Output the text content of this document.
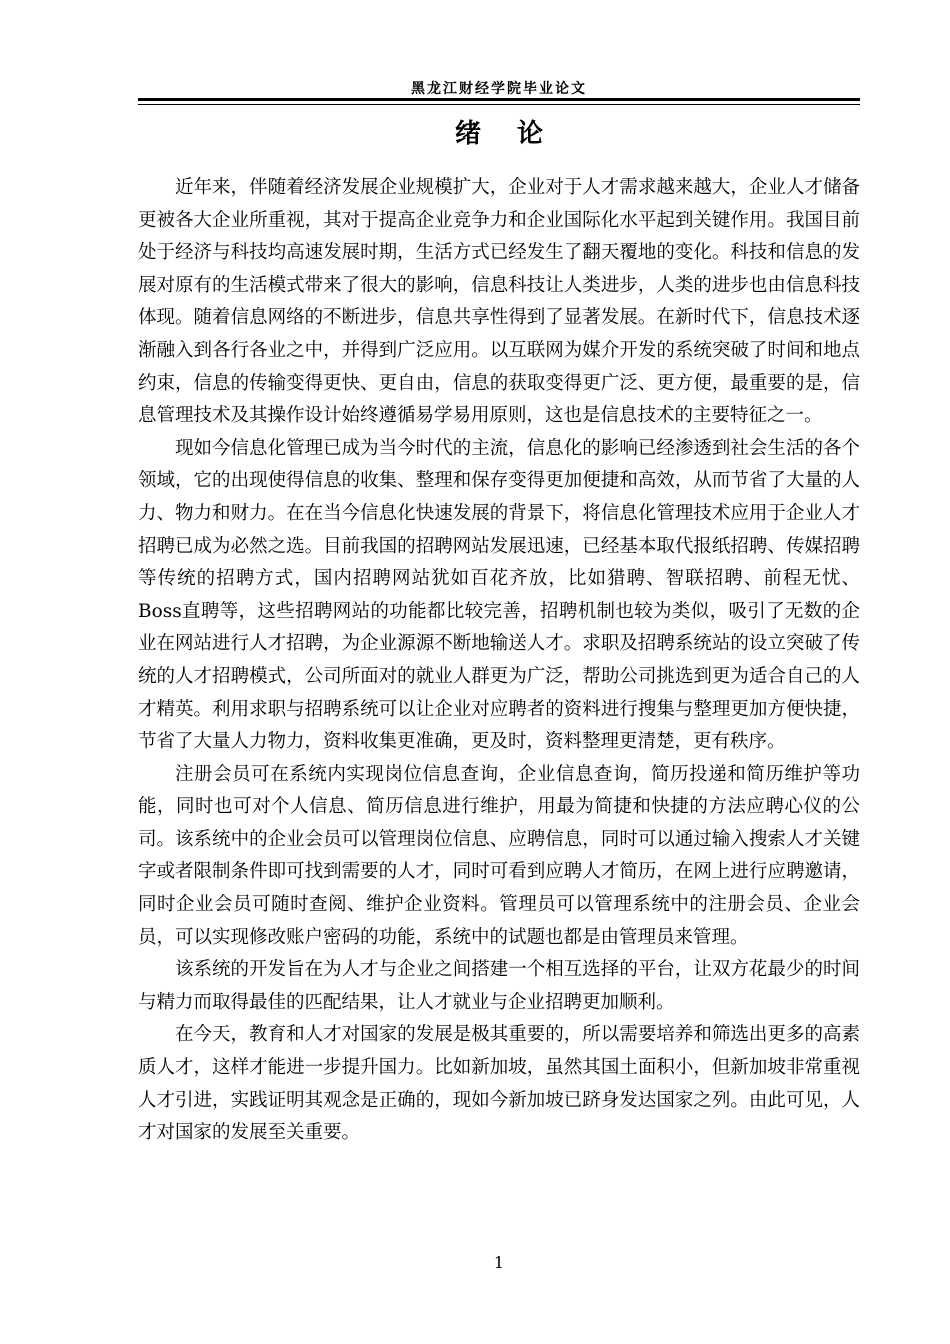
黑龙江财经学院毕业论文
绪论

近年来，伴随着经济发展企业规模扩大，企业对于人才需求越来越大，企业人才储备更被各大企业所重视，其对于提高企业竞争力和企业国际化水平起到关键作用。我国目前处于经济与科技均高速发展时期，生活方式已经发生了翻天覆地的变化。科技和信息的发展对原有的生活模式带来了很大的影响，信息科技让人类进步，人类的进步也由信息科技体现。随着信息网络的不断进步，信息共享性得到了显著发展。在新时代下，信息技术逐渐融入到各行各业之中，并得到广泛应用。以互联网为媒介开发的系统突破了时间和地点约束，信息的传输变得更快、更自由，信息的获取变得更广泛、更方便，最重要的是，信息管理技术及其操作设计始终遵循易学易用原则，这也是信息技术的主要特征之一。

现如今信息化管理已成为当今时代的主流，信息化的影响已经渗透到社会生活的各个领域，它的出现使得信息的收集、整理和保存变得更加便捷和高效，从而节省了大量的人力、物力和财力。在在当今信息化快速发展的背景下，将信息化管理技术应用于企业人才招聘已成为必然之选。目前我国的招聘网站发展迅速，已经基本取代报纸招聘、传媒招聘等传统的招聘方式，国内招聘网站犹如百花齐放，比如猎聘、智联招聘、前程无忧、Boss直聘等，这些招聘网站的功能都比较完善，招聘机制也较为类似，吸引了无数的企业在网站进行人才招聘，为企业源源不断地输送人才。求职及招聘系统站的设立突破了传统的人才招聘模式，公司所面对的就业人群更为广泛，帮助公司挑选到更为适合自己的人才精英。利用求职与招聘系统可以让企业对应聘者的资料进行搜集与整理更加方便快捷，节省了大量人力物力，资料收集更准确，更及时，资料整理更清楚，更有秩序。

注册会员可在系统内实现岗位信息查询，企业信息查询，简历投递和简历维护等功能，同时也可对个人信息、简历信息进行维护，用最为简捷和快捷的方法应聘心仪的公司。该系统中的企业会员可以管理岗位信息、应聘信息，同时可以通过输入搜索人才关键字或者限制条件即可找到需要的人才，同时可看到应聘人才简历，在网上进行应聘邀请，同时企业会员可随时查阅、维护企业资料。管理员可以管理系统中的注册会员、企业会员，可以实现修改账户密码的功能，系统中的试题也都是由管理员来管理。

该系统的开发旨在为人才与企业之间搭建一个相互选择的平台，让双方花最少的时间与精力而取得最佳的匹配结果，让人才就业与企业招聘更加顺利。

在今天，教育和人才对国家的发展是极其重要的，所以需要培养和筛选出更多的高素质人才，这样才能进一步提升国力。比如新加坡，虽然其国土面积小，但新加坡非常重视人才引进，实践证明其观念是正确的，现如今新加坡已跻身发达国家之列。由此可见，人才对国家的发展至关重要。

1
